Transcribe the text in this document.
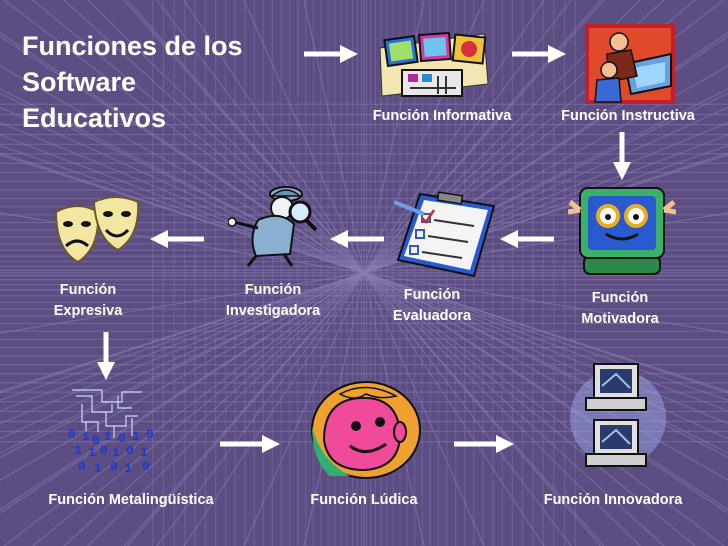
Funciones de los
Software
Educativos
0 1 0 1 0 1 0
1 1 0 1 0 1
0 1 0 1 0
Función Informativa	Función Instructiva
Función
Motivadora
Función
Evaluadora
Función
Investigadora
Función
Expresiva
Función Metalingüística	Función Lúdica	Función Innovadora
